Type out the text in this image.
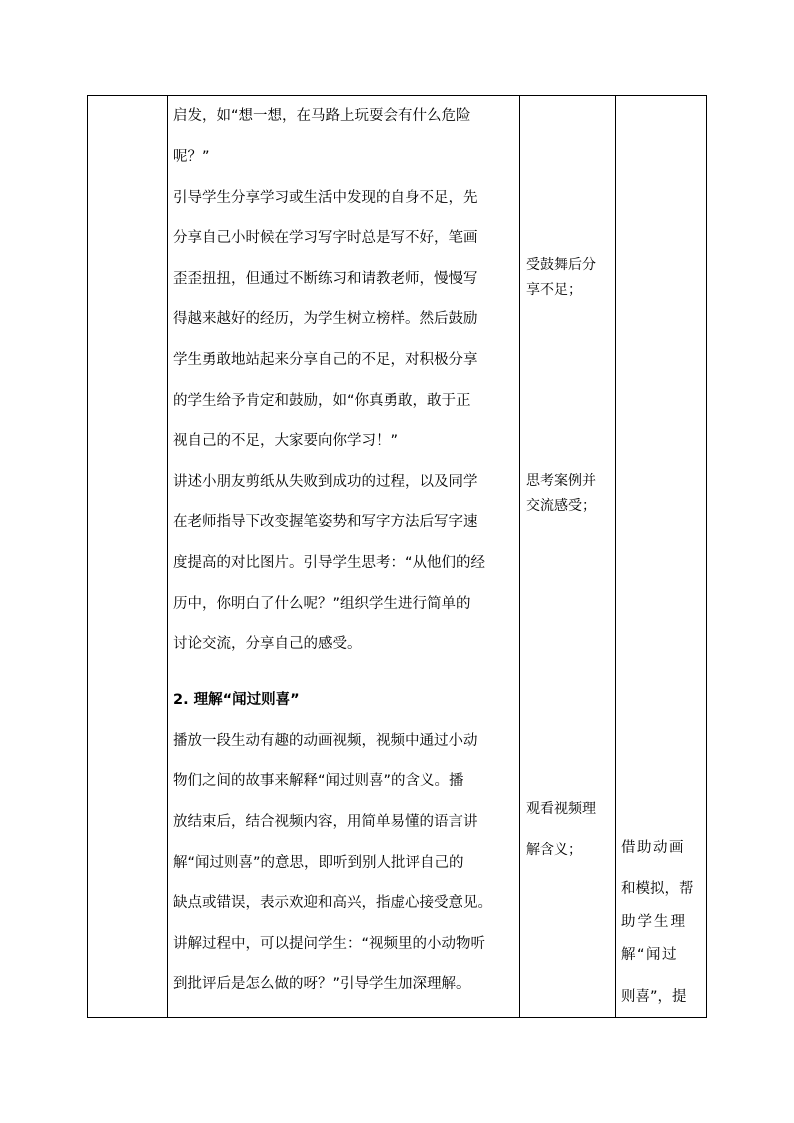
启发，如“想一想，在马路上玩耍会有什么危险
呢？”
引导学生分享学习或生活中发现的自身不足，先
分享自己小时候在学习写字时总是写不好，笔画
歪歪扭扭，但通过不断练习和请教老师，慢慢写
得越来越好的经历，为学生树立榜样。然后鼓励
学生勇敢地站起来分享自己的不足，对积极分享
的学生给予肯定和鼓励，如“你真勇敢，敢于正
视自己的不足，大家要向你学习！”
讲述小朋友剪纸从失败到成功的过程，以及同学
在老师指导下改变握笔姿势和写字方法后写字速
度提高的对比图片。引导学生思考：“从他们的经
历中，你明白了什么呢？”组织学生进行简单的
讨论交流，分享自己的感受。
2. 理解“闻过则喜”
播放一段生动有趣的动画视频，视频中通过小动
物们之间的故事来解释“闻过则喜”的含义。播
放结束后，结合视频内容，用简单易懂的语言讲
解“闻过则喜”的意思，即听到别人批评自己的
缺点或错误，表示欢迎和高兴，指虚心接受意见。
讲解过程中，可以提问学生：“视频里的小动物听
到批评后是怎么做的呀？”引导学生加深理解。
受鼓舞后分
享不足；
思考案例并
交流感受；
观看视频理
解含义；	借助动画
和模拟，帮
助学生理
解“闻过
则喜”，提
